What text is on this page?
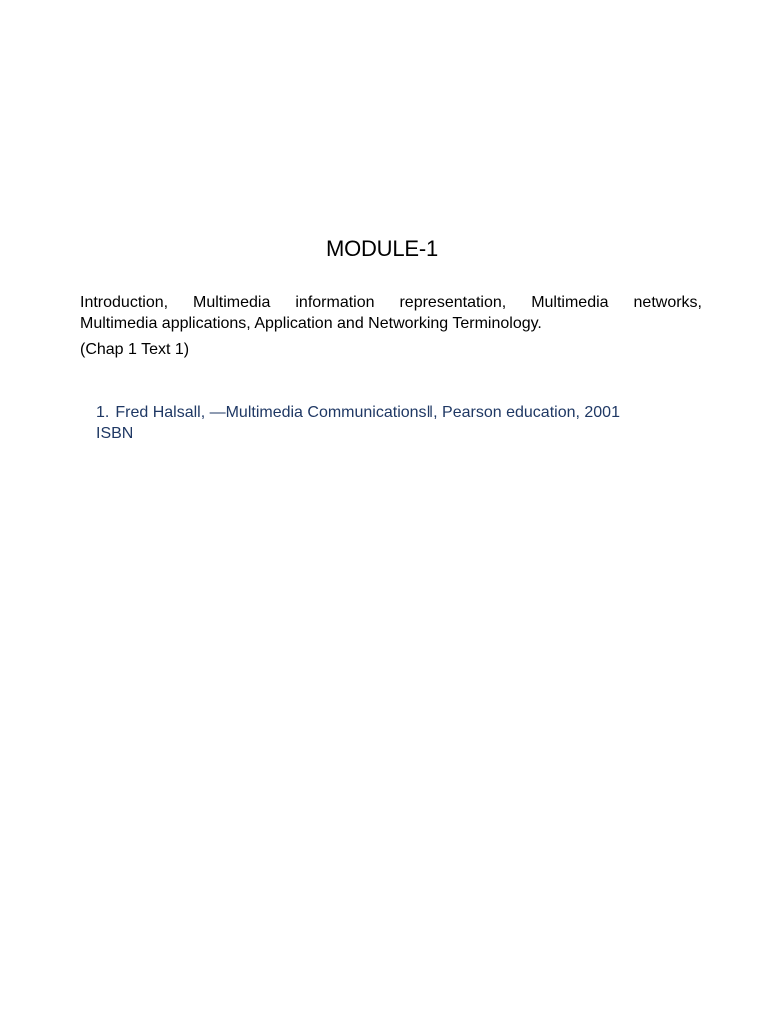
MODULE-1
Introduction, Multimedia information representation, Multimedia networks,
Multimedia applications, Application and Networking Terminology.
(Chap 1 Text 1)
1. Fred Halsall, —Multimedia Communications‖, Pearson education, 2001
ISBN
